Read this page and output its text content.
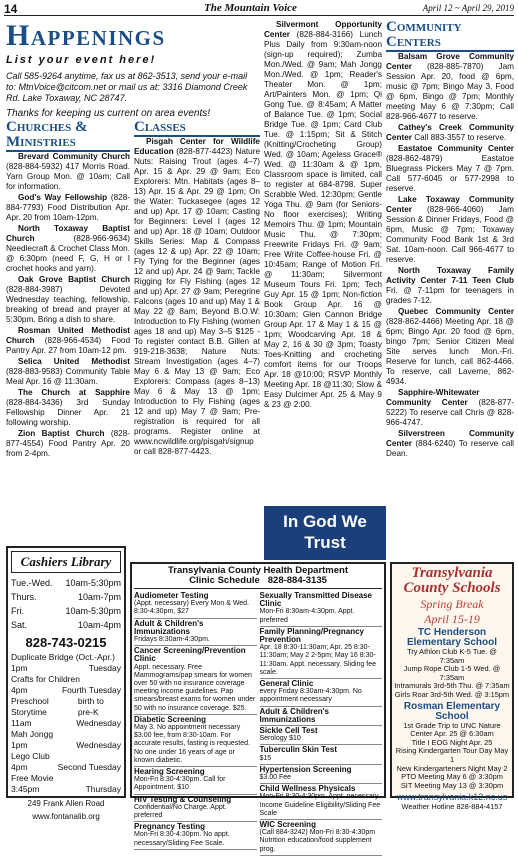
14	The Mountain Voice	April 12 ~ April 29, 2019
Happenings
List your event here!
Call 585-9264 anytime, fax us at 862-3513, send your e-mail to: MtnVoice@citcom.net or mail us at: 3316 Diamond Creek Rd. Lake Toxaway, NC 28747.
Thanks for keeping us current on area events!
Churches & Ministries
Brevard Community Church (828-884-5932) 417 Morris Road. Yarn Group Mon. @ 10am; Call for information.
God's Way Fellowship (828-884-7793) Food Distribution Apr. Apr. 20 from 10am-12pm.
North Toxaway Baptist Church	(828-966-9634) Needlecraft & Crochet Class Mon. @ 6:30pm (need F, G, H or I crochet hooks and yarn).
Oak Grove Baptist Church (828-884-3987) Devoted Wednesday teaching, fellowship, breaking of bread and prayer at 5:30pm. Bring a dish to share.
Rosman United Methodist Church (828-966-4534) Food Pantry Apr. 27 from 10am-12 pm.
Selica United Methodist (828-883-9583) Community Table Meal Apr. 16 @ 11:30am.
The Church at Sapphire (828-884-3436) 3rd Sunday Fellowship Dinner Apr. 21 following worship.
Zion Baptist Church (828-877-4554) Food Pantry Apr. 20 from 2-4pm.
Classes
Pisgah Center for Wildlife Education (828-877-4423) Nature Nuts: Raising Trout (ages 4–7) Apr. 15 & Apr. 29 @ 9am; Eco Explorers: Mtn. Habitats (ages 8–13) Apr. 15 & Apr. 29 @ 1pm; On the Water: Tuckasegee (ages 12 and up) Apr. 17 @ 10am; Casting for Beginners: Level I (ages 12 and up) Apr. 18 @ 10am; Outdoor Skills Series: Map & Compass (ages 12 & up) Apr. 22 @ 10am; Fly Tying for the Beginner (ages 12 and up) Apr. 24 @ 9am; Tackle Rigging for Fly Fishing (ages 12 and up) Apr. 27 @ 9am; Peregrine Falcons (ages 10 and up) May 1 & May 22 @ 8am; Beyond B.O.W: Introduction to Fly Fishing (women ages 18 and up) May 3–5 $125 - To register contact B.B. Gillen at 919-218-3638; Nature Nuts: Stream Investigation (ages 4–7) May 6 & May 13 @ 9am; Eco Explorers: Compass (ages 8–13) May 6 & May 13 @ 1pm; Introduction to Fly Fishing (ages 12 and up) May 7 @ 9am; Pre-registration is required for all programs. Register online at www.ncwildlife.org/pisgah/signup or call 828-877-4423.
Silvermont Opportunity Center (828-884-3166) Lunch Plus Daily from 9:30am-noon (sign-up required); Zumba Mon./Wed. @ 9am; Mah Jongg Mon./Wed. @ 1pm; Reader's Theater Mon. @ 1pm; Art/Painters Mon. @ 1pm; Qi Gong Tue. @ 8:45am; A Matter of Balance Tue. @ 1pm; Social Bridge Tue. @ 1pm; Card Club Tue. @ 1:15pm; Sit & Stitch (Knitting/Crocheting Group) Wed. @ 10am; Ageless Grace® Wed. @ 11:30am & @ 1pm, Classroom space is limited, call to register at 684-8798. Super Scrabble Wed. 12:30pm; Gentle Yoga Thu. @ 9am (for Seniors-No floor exercises); Writing Memoirs Thu. @ 1pm; Mountain Music Thu. @ 7:30pm; Freewrite Fridays Fri. @ 9am; Free Write Coffee-house Fri. @ 10:45am; Range of Motion Fri. @ 11:30am; Silvermont Museum Tours Fri. 1pm; Tech Guy Apr. 15 @ 1pm; Non-fiction Book Group Apr. 16 @ 10:30am; Glen Cannon Bridge Group Apr. 17 & May 1 & 15 @ 1pm; Woodcarving Apr. 18 & May 2, 16 & 30 @ 3pm; Toasty Toes-Knitting and crocheting comfort items for our Troops Apr. 18 @10:00; RSVP Monthly Meeting Apr. 18 @11:30; Slow & Easy Dulcimer Apr. 25 & May 9 & 23 @ 2:00.
In God We Trust
Community Centers
Balsam Grove Community Center (828-885-7870) Jam Session Apr. 20, food @ 6pm, music @ 7pm; Bingo May 3, Food @ 6pm, Bingo @ 7pm; Monthly meeting May 6 @ 7:30pm; Call 828-966-4677 to reserve.
Cathey's Creek Community Center Call 883-3557 to reserve.
Eastatoe Community Center (828-862-4879) Eastatoe Bluegrass Pickers May 7 @ 7pm. Call 577-6045 or 577-2998 to reserve.
Lake Toxaway Community Center (828-966-4060) Jam Session & Dinner Fridays, Food @ 6pm, Music @ 7pm; Toxaway Community Food Bank 1st & 3rd Sat. 10am-noon. Call 966-4677 to reserve.
North Toxaway Family Activity Center 7-11 Teen Club Fri. @ 7-11pm for teenagers in grades 7-12.
Quebec Community Center (828-862-4466) Meeting Apr. 18 @ 6pm; Bingo Apr. 20 food @ 6pm, bingo 7pm; Senior Citizen Meal Site serves lunch Mon.-Fri. Reserve for lunch, call 862-4466. To reserve, call Laverne, 862-4934.
Sapphire-Whitewater Community Center (828-877-5222) To reserve call Chris @ 828-966-4747.
Silverstreen Community Center (884-6240) To reserve call Dean.
Cashiers Library
Tue.-Wed. 10am-5:30pm
Thurs.	10am-7pm
Fri.	10am-5:30pm
Sat.	10am-4pm
828-743-0215
Duplicate Bridge (Oct.-Apr.)
1pm	Tuesday
Crafts for Children
4pm	Fourth Tuesday
Preschool Storytime
birth to pre-K
11am	Wednesday
Mah Jongg
1pm	Wednesday
Lego Club
4pm	Second Tuesday
Free Movie
3:45pm	Thursday
249 Frank Allen Road
www.fontanalib.org
Transylvania County Health Department
Clinic Schedule 828-884-3135
Audiometer Testing
(Appt. necessary) Every Mon & Wed. 8:30-4:30pm, $27
Adult & Children's Immunizations
Fridays 8:30am-4:30pm.
Cancer Screening/Prevention Clinic
Appt. necessary. Free Mammograms/pap smears for women over 50 with no insurance coverage meeting income guidelines. Pap smears/breast exams for women under 50 with no insurance coverage. $25.
Diabetic Screening
May 3. No appointment necessary $3.00 fee, from 8:30-10am. For accurate results, fasting is requested. No one under 16 years of age or known diabetic.
Hearing Screening
Mon-Fri 8:30-4:30pm. Call for Appointment. $10
HIV Testing & Counseling
Confidential/No Charge. Appt. preferred
Pregnancy Testing
Mon-Fri 8:30-4:30pm. No appt. necessary/Sliding Fee Scale.
Sexually Transmitted Disease Clinic
Mon-Fri 8:30am-4:30pm. Appt. preferred
Family Planning/Pregnancy Prevention
Apr. 18 8:30-11:30am; Apr. 25 8:30-11:30am; May 2 2-5pm; May 16 8:30-11:30am. Appt. necessary. Sliding fee scale.
General Clinic
every Friday 8:30am-4:30pm. No appointment necessary
Adult & Children's Immunizations
Sickle Cell Test
Serology $10
Tuberculin Skin Test
$15
Hypertension Screening
$3.00 Fee
Child Wellness Physicals
Mon-Fri 8:30-4:30pm. Appt. necessary. Income Guideline Eligibility/Sliding Fee Scale
WIC Screening
(Call 884-3242) Mon-Fri 8:30-4:30pm Nutrition education/food supplement prog.
Transylvania County Schools
Spring Break
April 15-19
TC Henderson Elementary School
Try Athlon Club K-5 Tue. @ 7:35am
Jump Rope Club 1-5 Wed. @ 7:35am
Intramurals 3rd-5th Thu. @ 7:35am
Girls Roar 3rd-5th Wed. @ 3:15pm
Rosman Elementary School
1st Grade Trip to UNC Nature Center Apr. 25 @ 6:30am
Title I EOG Night Apr. 25
Rising Kindergarten Tour Day May 1
New Kindergarteners Night May 2
PTO Meeting May 6 @ 3:30pm
SIT Meeting May 13 @ 3:30pm
www.transylvania.k12.nc.us
Weather Hotline 828-884-4157
